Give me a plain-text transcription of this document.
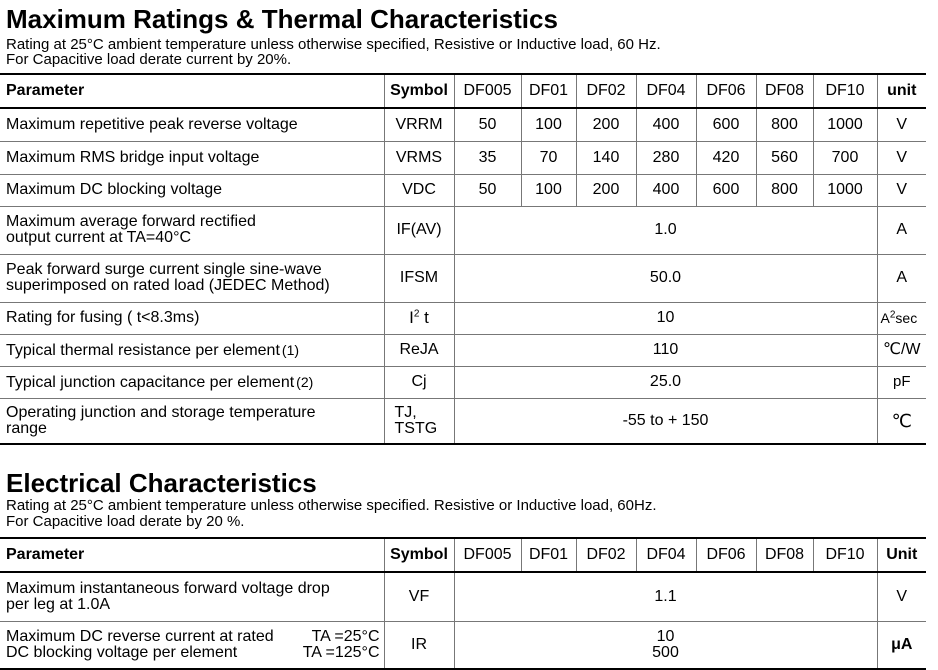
Maximum Ratings & Thermal Characteristics
Rating at 25°C ambient temperature unless otherwise specified, Resistive or Inductive load, 60 Hz.
For Capacitive load derate current by 20%.
Parameter	Symbol	DF005	DF01	DF02	DF04	DF06	DF08	DF10	unit
Maximum repetitive peak reverse voltage	VRRM	50	100	200	400	600	800	1000	V
Maximum RMS bridge input voltage	VRMS	35	70	140	280	420	560	700	V
Maximum DC blocking voltage	VDC	50	100	200	400	600	800	1000	V

Maximum average forward rectified
output current at TA=40°C	IF(AV)	1.0							A

Peak forward surge current single sine-wave
superimposed on rated load (JEDEC Method)	IFSM	50.0							A
Rating for fusing ( t<8.3ms)	$I^2$ t	10							$A^2\sec$
Typical thermal resistance per element (1)	ReJA	110							℃/W
Typical junction capacitance per element (2)	Cj	25.0							pF

Operating junction and storage temperature
range	TJ,
TSTG	-55 to + 150							℃
Electrical Characteristics
Rating at 25°C ambient temperature unless otherwise specified. Resistive or Inductive load, 60Hz.
For Capacitive load derate by 20 %.
Parameter	Symbol	DF005	DF01	DF02	DF04	DF06	DF08	DF10	Unit

Maximum instantaneous forward voltage drop
per leg at 1.0A	VF	1.1							V

Maximum DC reverse current at rated TA =25°C
DC blocking voltage per element TA =125°C	IR	10
500							μA
